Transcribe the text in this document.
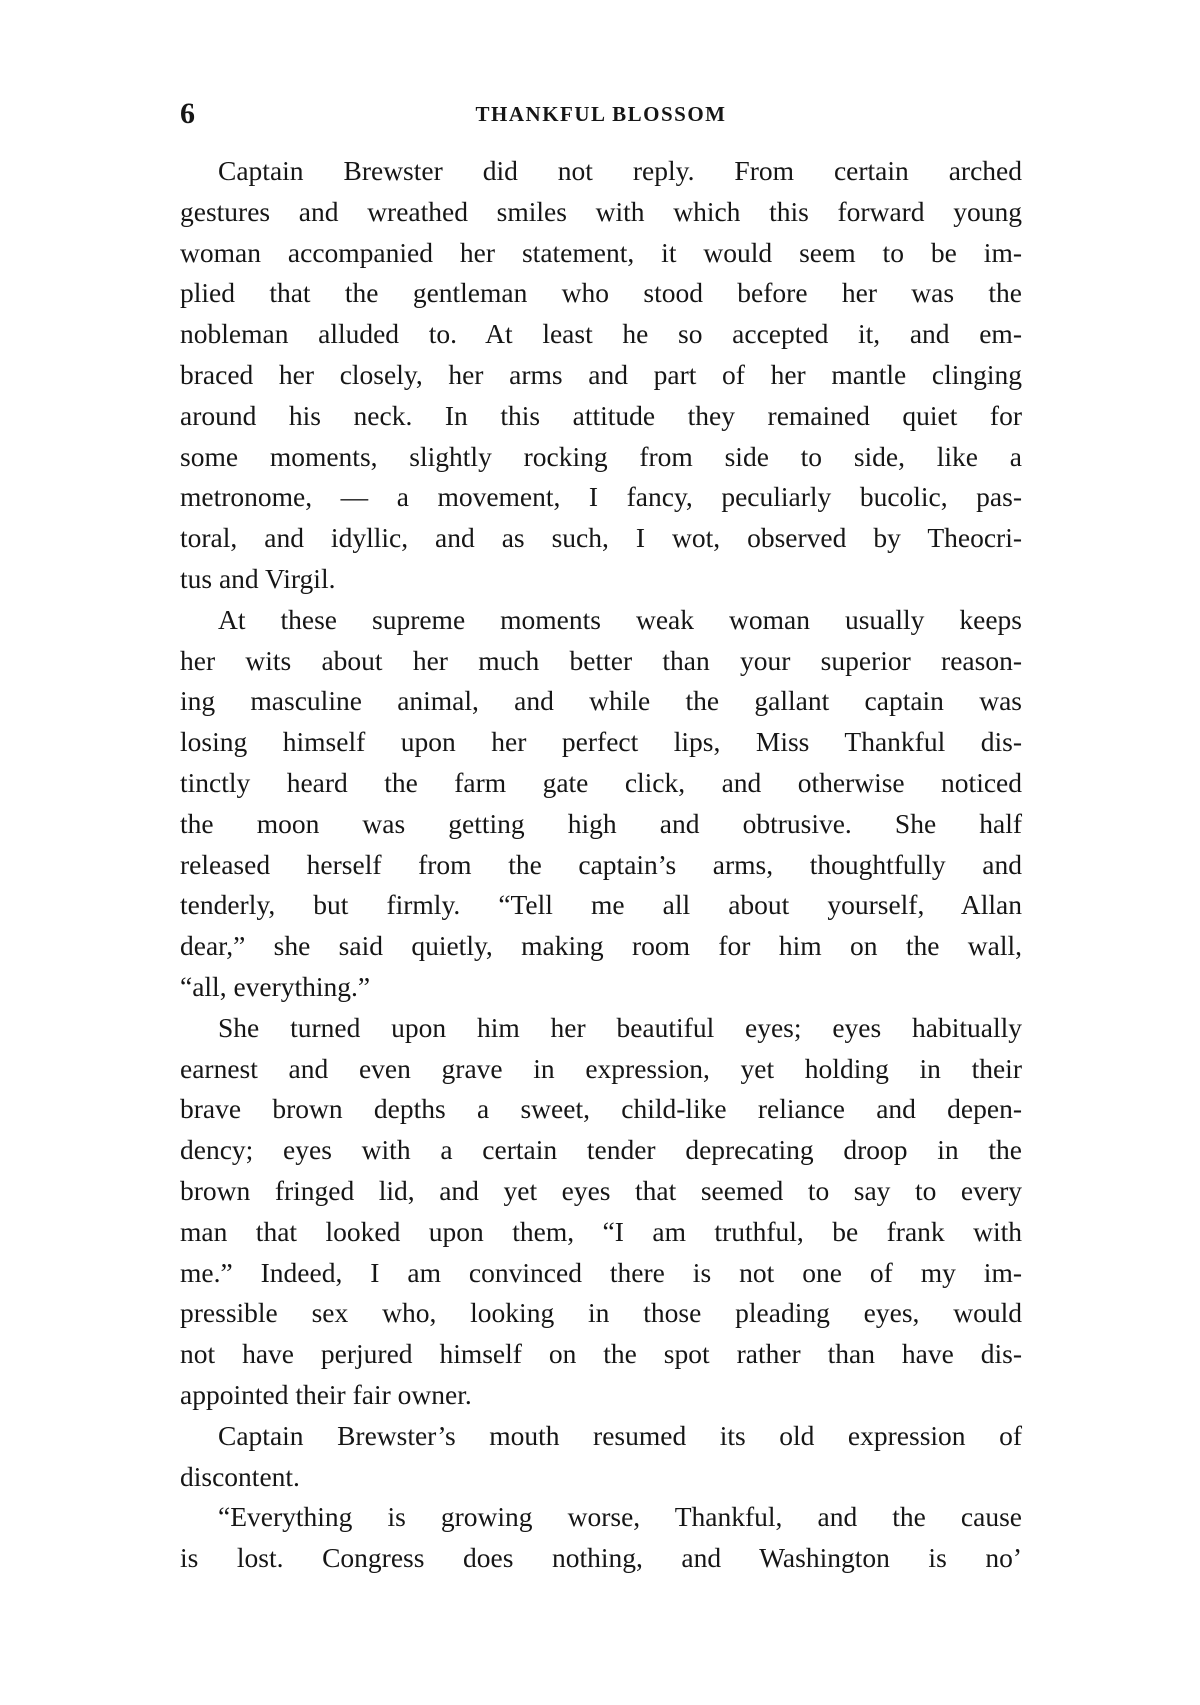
6	THANKFUL BLOSSOM
Captain Brewster did not reply. From certain arched
gestures and wreathed smiles with which this forward young
woman accompanied her statement, it would seem to be im-
plied that the gentleman who stood before her was the
nobleman alluded to. At least he so accepted it, and em-
braced her closely, her arms and part of her mantle clinging
around his neck. In this attitude they remained quiet for
some moments, slightly rocking from side to side, like a
metronome, — a movement, I fancy, peculiarly bucolic, pas-
toral, and idyllic, and as such, I wot, observed by Theocri-
tus and Virgil.
At these supreme moments weak woman usually keeps
her wits about her much better than your superior reason-
ing masculine animal, and while the gallant captain was
losing himself upon her perfect lips, Miss Thankful dis-
tinctly heard the farm gate click, and otherwise noticed
the moon was getting high and obtrusive. She half
released herself from the captain’s arms, thoughtfully and
tenderly, but firmly. “Tell me all about yourself, Allan
dear,” she said quietly, making room for him on the wall,
“all, everything.”
She turned upon him her beautiful eyes; eyes habitually
earnest and even grave in expression, yet holding in their
brave brown depths a sweet, child-like reliance and depen-
dency; eyes with a certain tender deprecating droop in the
brown fringed lid, and yet eyes that seemed to say to every
man that looked upon them, “I am truthful, be frank with
me.” Indeed, I am convinced there is not one of my im-
pressible sex who, looking in those pleading eyes, would
not have perjured himself on the spot rather than have dis-
appointed their fair owner.
Captain Brewster’s mouth resumed its old expression of
discontent.
“Everything is growing worse, Thankful, and the cause
is lost. Congress does nothing, and Washington is no’
